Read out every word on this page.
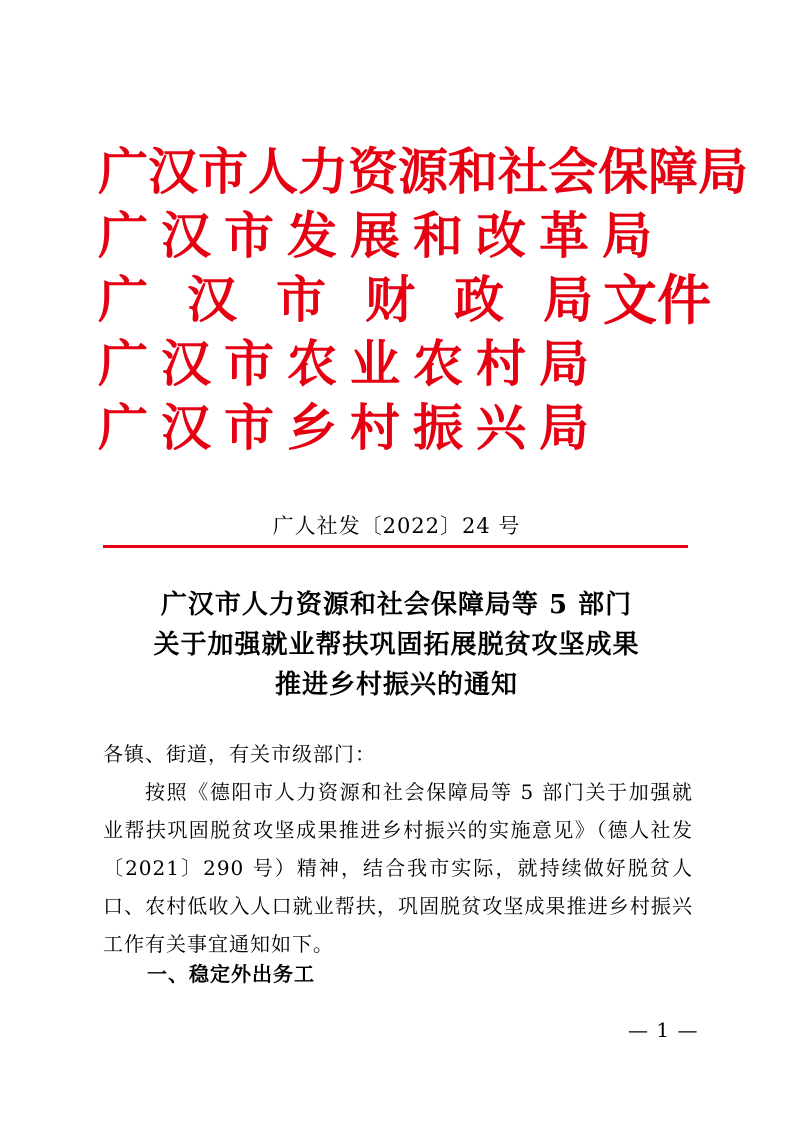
广汉市人力资源和社会保障局
广汉市发展和改革局
广汉市财政局
广汉市农业农村局
广汉市乡村振兴局
文件
广人社发〔2022〕24 号
广汉市人力资源和社会保障局等 5 部门
关于加强就业帮扶巩固拓展脱贫攻坚成果
推进乡村振兴的通知

各镇、街道，有关市级部门：

按照《德阳市人力资源和社会保障局等 5 部门关于加强就业帮扶巩固脱贫攻坚成果推进乡村振兴的实施意见》（德人社发〔2021〕290 号）精神，结合我市实际，就持续做好脱贫人口、农村低收入人口就业帮扶，巩固脱贫攻坚成果推进乡村振兴工作有关事宜通知如下。

一、稳定外出务工
— 1 —
